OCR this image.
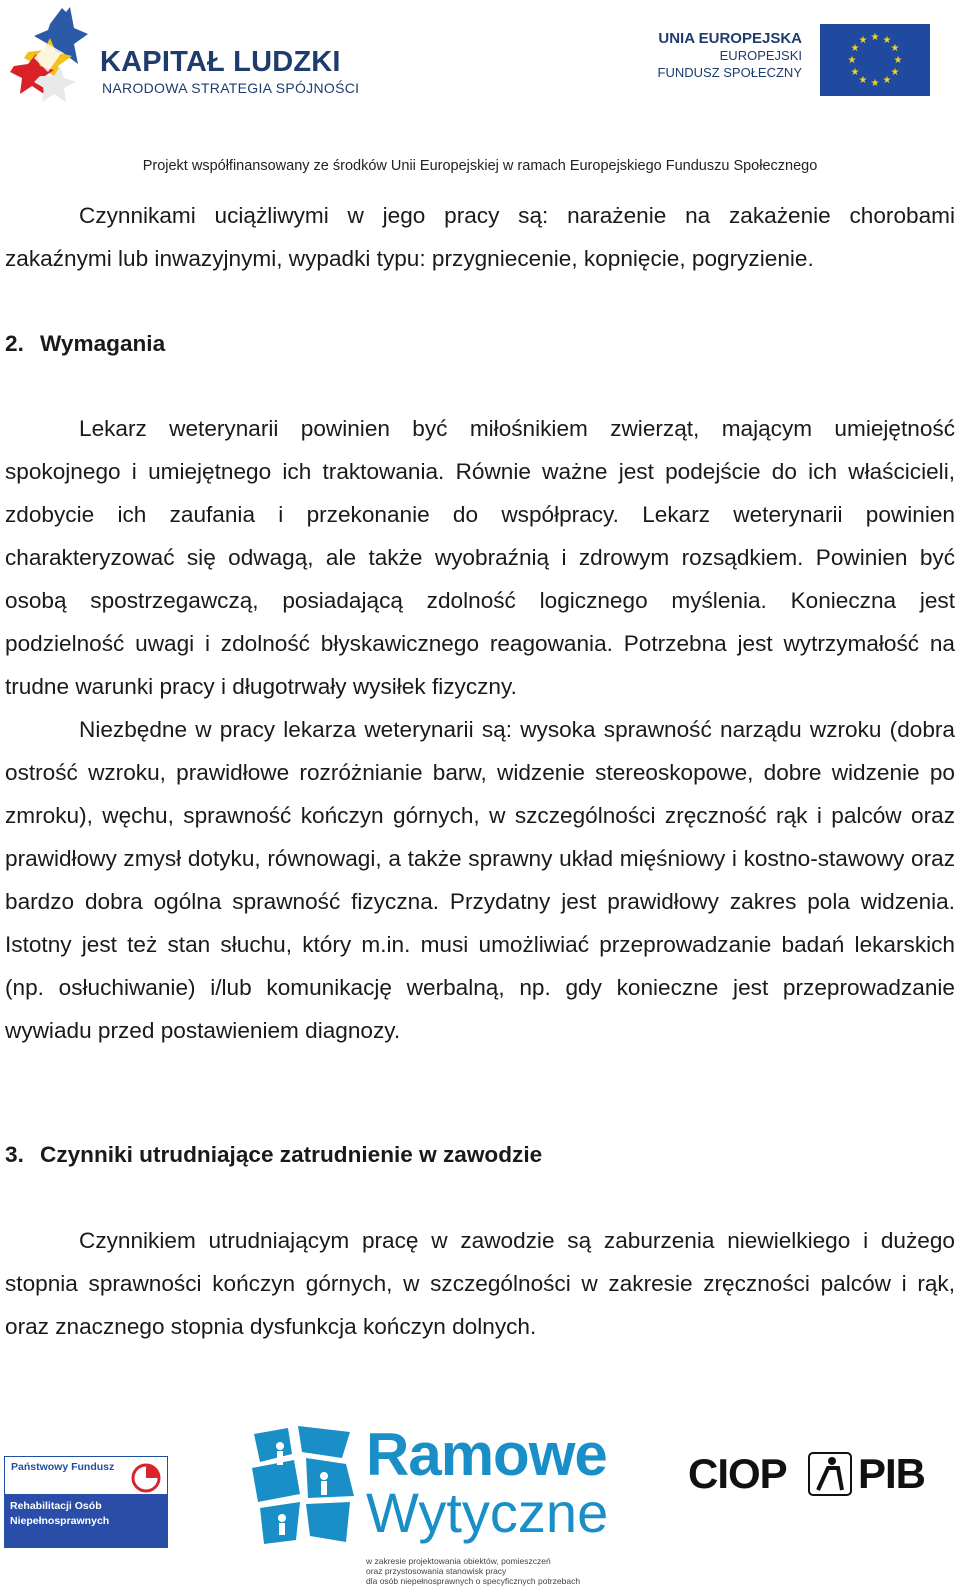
KAPITAŁ LUDZKI
NARODOWA STRATEGIA SPÓJNOŚCI
UNIA EUROPEJSKA
EUROPEJSKI
FUNDUSZ SPOŁECZNY
★ ★
★
★
★
★
★
★
★
★
★
★
Projekt współfinansowany ze środków Unii Europejskiej w ramach Europejskiego Funduszu Społecznego

Czynnikami uciążliwymi w jego pracy są: narażenie na zakażenie chorobami zakaźnymi lub inwazyjnymi, wypadki typu: przygniecenie, kopnięcie, pogryzienie.

2. Wymagania

Lekarz weterynarii powinien być miłośnikiem zwierząt, mającym umiejętność spokojnego i umiejętnego ich traktowania. Równie ważne jest podejście do ich właścicieli, zdobycie ich zaufania i przekonanie do współpracy. Lekarz weterynarii powinien charakteryzować się odwagą, ale także wyobraźnią i zdrowym rozsądkiem. Powinien być osobą spostrzegawczą, posiadającą zdolność logicznego myślenia. Konieczna jest podzielność uwagi i zdolność błyskawicznego reagowania. Potrzebna jest wytrzymałość na trudne warunki pracy i długotrwały wysiłek fizyczny.

Niezbędne w pracy lekarza weterynarii są: wysoka sprawność narządu wzroku (dobra ostrość wzroku, prawidłowe rozróżnianie barw, widzenie stereoskopowe, dobre widzenie po zmroku), węchu, sprawność kończyn górnych, w szczególności zręczność rąk i palców oraz prawidłowy zmysł dotyku, równowagi, a także sprawny układ mięśniowy i kostno-stawowy oraz bardzo dobra ogólna sprawność fizyczna. Przydatny jest prawidłowy zakres pola widzenia. Istotny jest też stan słuchu, który m.in. musi umożliwiać przeprowadzanie badań lekarskich (np. osłuchiwanie) i/lub komunikację werbalną, np. gdy konieczne jest przeprowadzanie wywiadu przed postawieniem diagnozy.

3. Czynniki utrudniające zatrudnienie w zawodzie

Czynnikiem utrudniającym pracę w zawodzie są zaburzenia niewielkiego i dużego stopnia sprawności kończyn górnych, w szczególności w zakresie zręczności palców i rąk, oraz znacznego stopnia dysfunkcja kończyn dolnych.

Państwowy Fundusz
Rehabilitacji Osób
Niepełnosprawnych
Ramowe
Wytyczne
w zakresie projektowania obiektów, pomieszczeń
oraz przystosowania stanowisk pracy
dla osób niepełnosprawnych o specyficznych potrzebach
CIOP PIB
